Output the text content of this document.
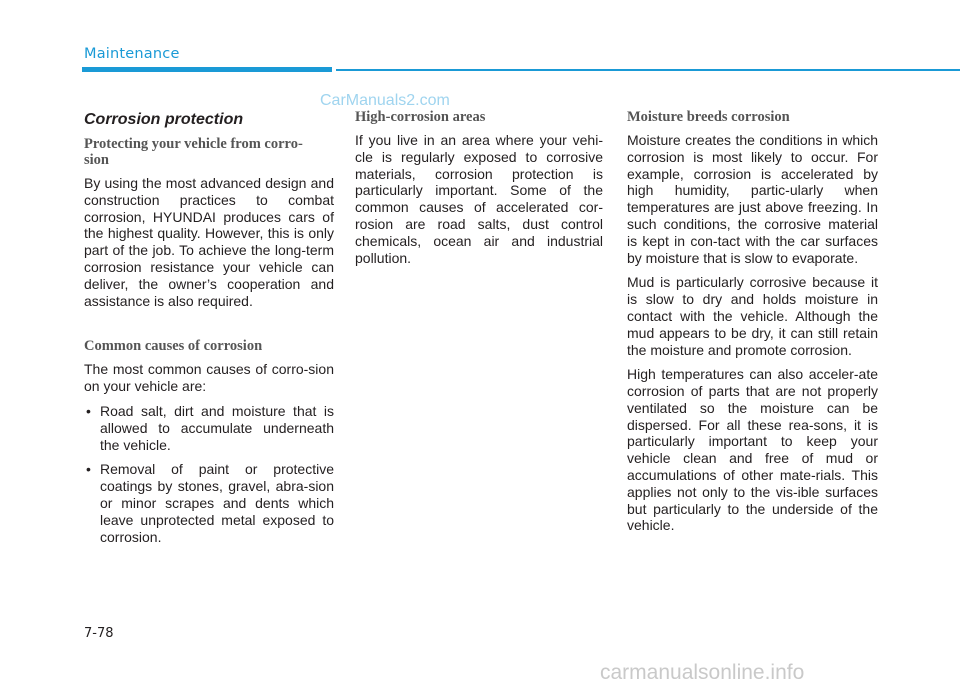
Maintenance
CarManuals2.com
Corrosion protection
Protecting your vehicle from corro-
sion
By using the most advanced design and construction practices to combat corrosion, HYUNDAI produces cars of the highest quality. However, this is only part of the job. To achieve the long-term corrosion resistance your vehicle can deliver, the owner’s cooperation and assistance is also required.
Common causes of corrosion
The most common causes of corro-sion on your vehicle are:
• Road salt, dirt and moisture that is allowed to accumulate underneath the vehicle.
• Removal of paint or protective coatings by stones, gravel, abra-sion or minor scrapes and dents which leave unprotected metal exposed to corrosion.
High-corrosion areas
If you live in an area where your vehi-cle is regularly exposed to corrosive materials, corrosion protection is particularly important. Some of the common causes of accelerated cor-rosion are road salts, dust control chemicals, ocean air and industrial pollution.
Moisture breeds corrosion
Moisture creates the conditions in which corrosion is most likely to occur. For example, corrosion is accelerated by high humidity, partic-ularly when temperatures are just above freezing. In such conditions, the corrosive material is kept in con-tact with the car surfaces by moisture that is slow to evaporate.
Mud is particularly corrosive because it is slow to dry and holds moisture in contact with the vehicle. Although the mud appears to be dry, it can still retain the moisture and promote corrosion.
High temperatures can also acceler-ate corrosion of parts that are not properly ventilated so the moisture can be dispersed. For all these rea-sons, it is particularly important to keep your vehicle clean and free of mud or accumulations of other mate-rials. This applies not only to the vis-ible surfaces but particularly to the underside of the vehicle.
7-78
carmanualsonline.info
